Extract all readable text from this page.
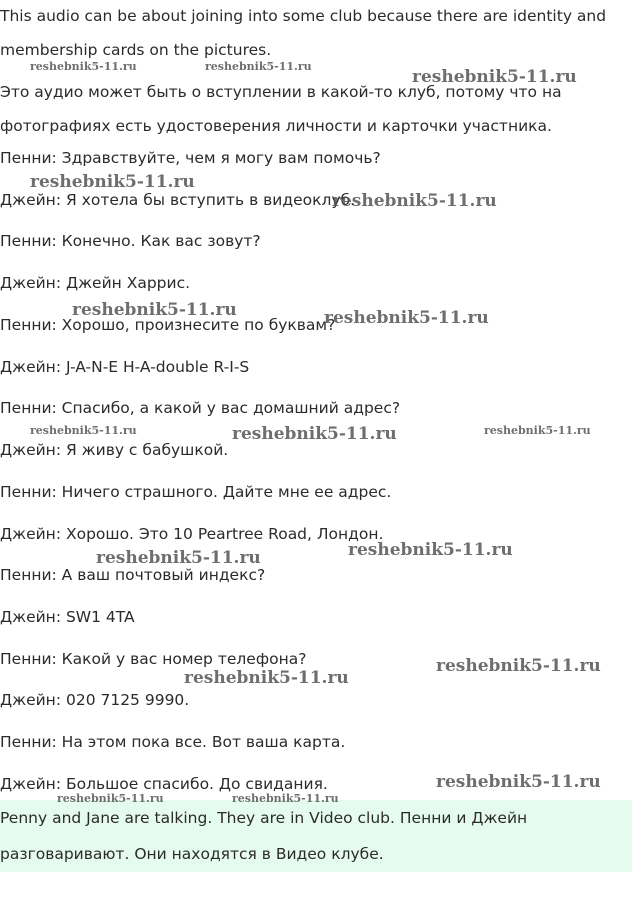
This audio can be about joining into some club because there are identity and

membership cards on the pictures.

Это аудио может быть о вступлении в какой-то клуб, потому что на

фотографиях есть удостоверения личности и карточки участника.

Пенни: Здравствуйте, чем я могу вам помочь?

Джейн: Я хотела бы вступить в видеоклуб.

Пенни: Конечно. Как вас зовут?

Джейн: Джейн Харрис.

Пенни: Хорошо, произнесите по буквам?

Джейн: J-A-N-E H-A-double R-I-S

Пенни: Спасибо, а какой у вас домашний адрес?

Джейн: Я живу с бабушкой.

Пенни: Ничего страшного. Дайте мне ее адрес.

Джейн: Хорошо. Это 10 Peartree Road, Лондон.

Пенни: А ваш почтовый индекс?

Джейн: SW1 4TA

Пенни: Какой у вас номер телефона?

Джейн: 020 7125 9990.

Пенни: На этом пока все. Вот ваша карта.

Джейн: Большое спасибо. До свидания.

Penny and Jane are talking. They are in Video club. Пенни и Джейн

разговаривают. Они находятся в Видео клубе.

reshebnik5-11.ru	reshebnik5-11.ru
reshebnik5-11.ru
reshebnik5-11.ru
reshebnik5-11.ru
reshebnik5-11.ru	reshebnik5-11.ru
reshebnik5-11.ru	reshebnik5-11.ru	reshebnik5-11.ru
reshebnik5-11.ru
reshebnik5-11.ru
reshebnik5-11.ru
reshebnik5-11.ru
reshebnik5-11.ru
reshebnik5-11.ru	reshebnik5-11.ru
